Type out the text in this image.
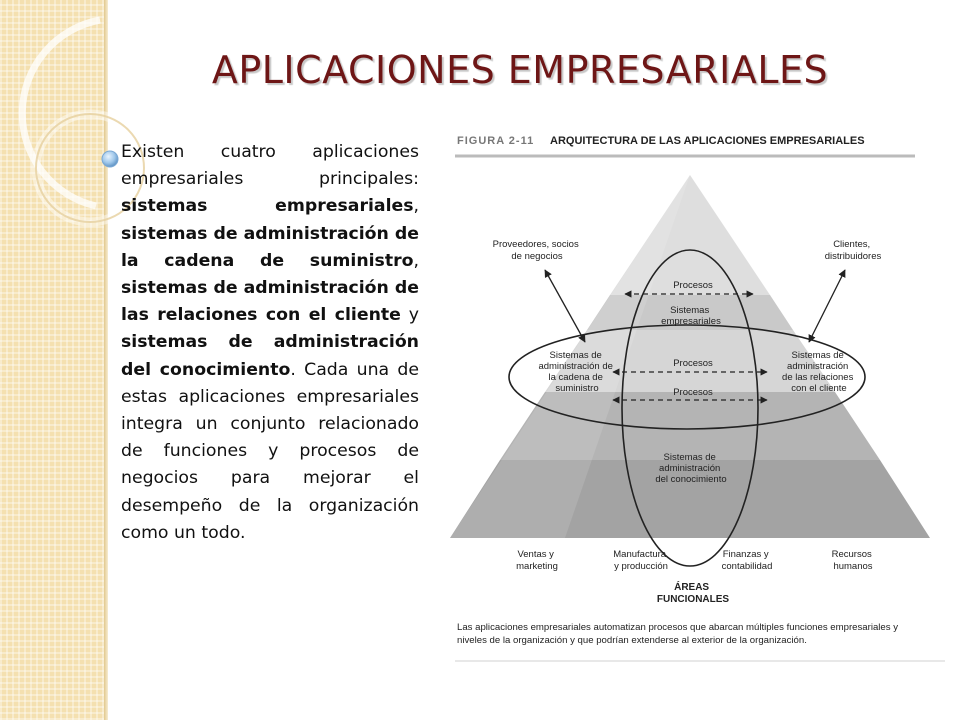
APLICACIONES EMPRESARIALES
Existen cuatro aplicaciones empresariales principales: sistemas empresariales, sistemas de administración de la cadena de suministro, sistemas de administración de las relaciones con el cliente y sistemas de administración del conocimiento. Cada una de estas aplicaciones empresariales integra un conjunto relacionado de funciones y procesos de negocios para mejorar el desempeño de la organización como un todo.
FIGURA 2-11 ARQUITECTURA DE LAS APLICACIONES EMPRESARIALES
Procesos
Procesos
Procesos
Sistemas empresariales
Sistemas de administración de la cadena de suministro
Sistemas de administración de las relaciones con el cliente
Sistemas de administración del conocimiento
Proveedores, socios de negocios
Clientes, distribuidores
Ventas y marketing
Manufactura y producción
Finanzas y contabilidad
Recursos humanos
ÁREAS FUNCIONALES
Las aplicaciones empresariales automatizan procesos que abarcan múltiples funciones empresariales y niveles de la organización y que podrían extenderse al exterior de la organización.
